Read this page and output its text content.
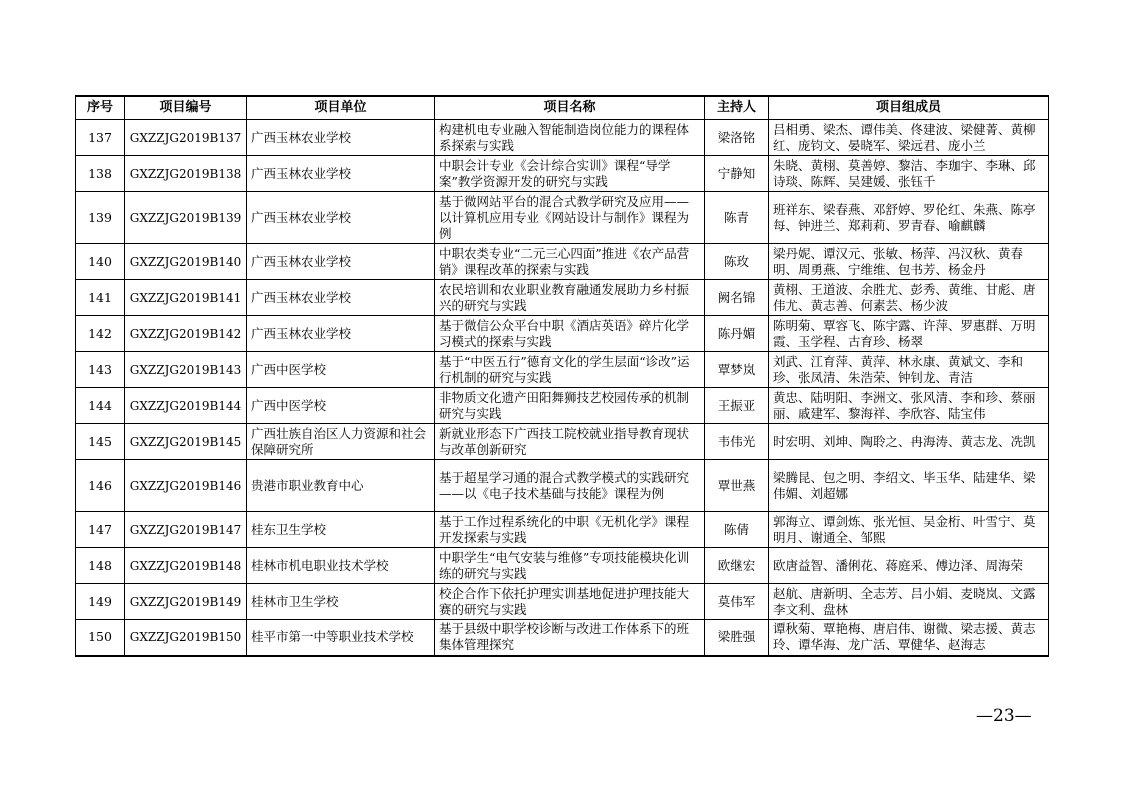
序号	项目编号	项目单位	项目名称	主持人	项目组成员
137	GXZZJG2019B137	广西玉林农业学校	构建机电专业融入智能制造岗位能力的课程体系探索与实践	梁洛铭	吕相勇、梁杰、谭伟美、佟建波、梁健菁、黄柳红、庞钧文、晏晓军、梁远君、庞小兰
138	GXZZJG2019B138	广西玉林农业学校	中职会计专业《会计综合实训》课程“导学案”教学资源开发的研究与实践	宁静知	朱晓、黄栩、莫善婷、黎洁、李珈宇、李琳、邱诗琰、陈辉、吴建媛、张钰千
139	GXZZJG2019B139	广西玉林农业学校	基于微网站平台的混合式教学研究及应用——以计算机应用专业《网站设计与制作》课程为例	陈青	班祥东、梁春燕、邓舒婷、罗伦红、朱燕、陈亭每、钟进兰、郑莉莉、罗青春、喻麒麟
140	GXZZJG2019B140	广西玉林农业学校	中职农类专业“二元三心四面”推进《农产品营销》课程改革的探索与实践	陈玫	梁丹妮、谭汉元、张敏、杨萍、冯汉秋、黄春明、周勇燕、宁维维、包书芳、杨金丹
141	GXZZJG2019B141	广西玉林农业学校	农民培训和农业职业教育融通发展助力乡村振兴的研究与实践	阙名锦	黄栩、王道波、余胜尤、彭秀、黄维、甘彪、唐伟尤、黄志善、何素芸、杨少波
142	GXZZJG2019B142	广西玉林农业学校	基于微信公众平台中职《酒店英语》碎片化学习模式的探索与实践	陈丹媚	陈明菊、覃容飞、陈宇露、许萍、罗惠群、万明霞、玉学程、古育珍、杨翠
143	GXZZJG2019B143	广西中医学校	基于“中医五行”德育文化的学生层面“诊改”运行机制的研究与实践	覃梦岚	刘武、江育萍、黄萍、林永康、黄斌文、李和珍、张凤清、朱浩荣、钟钊龙、青洁
144	GXZZJG2019B144	广西中医学校	非物质文化遗产田阳舞狮技艺校园传承的机制研究与实践	王振亚	黄忠、陆明阳、李洲文、张风清、李和珍、蔡丽丽、戚建军、黎海祥、李欣容、陆宝伟
145	GXZZJG2019B145	广西壮族自治区人力资源和社会保障研究所	新就业形态下广西技工院校就业指导教育现状与改革创新研究	韦伟光	时宏明、刘坤、陶聆之、冉海涛、黄志龙、冼凯
146	GXZZJG2019B146	贵港市职业教育中心	基于超星学习通的混合式教学模式的实践研究——以《电子技术基础与技能》课程为例	覃世燕	梁腾昆、包之明、李绍文、毕玉华、陆建华、梁伟媚、刘超娜
147	GXZZJG2019B147	桂东卫生学校	基于工作过程系统化的中职《无机化学》课程开发探索与实践	陈倩	郭海立、谭剑炼、张光恒、吴金桁、叶雪宁、莫明月、谢通全、邹熙
148	GXZZJG2019B148	桂林市机电职业技术学校	中职学生“电气安装与维修”专项技能模块化训练的研究与实践	欧继宏	欧唐益智、潘俐花、蒋庭釆、傅边泽、周海荣
149	GXZZJG2019B149	桂林市卫生学校	校企合作下依托护理实训基地促进护理技能大赛的研究与实践	莫伟军	赵航、唐新明、全志芳、吕小娟、麦晓岚、文露李文利、盘林
150	GXZZJG2019B150	桂平市第一中等职业技术学校	基于县级中职学校诊断与改进工作体系下的班集体管理探究	梁胜强	谭秋菊、覃艳梅、唐启伟、谢微、梁志援、黄志玲、谭华海、龙广活、覃健华、赵海志
—23—
